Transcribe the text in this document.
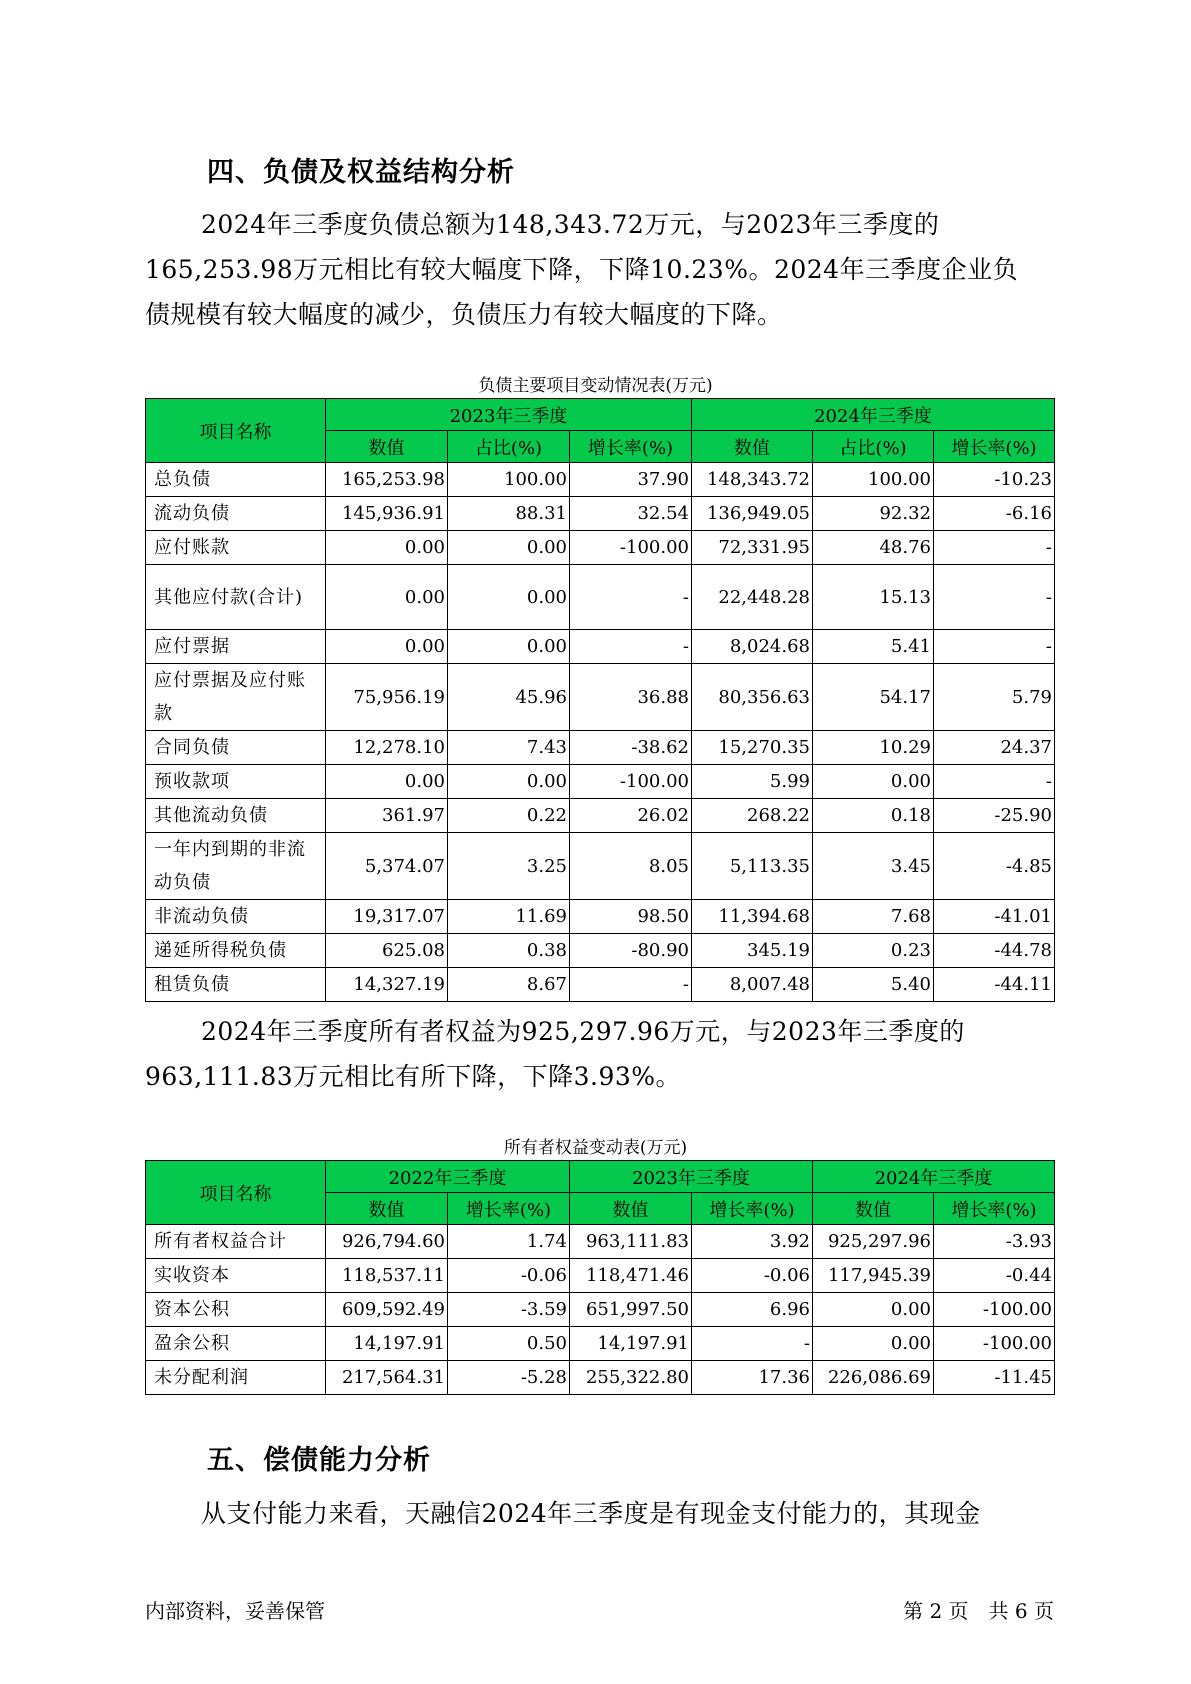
四、负债及权益结构分析

2024年三季度负债总额为148,343.72万元，与2023年三季度的

165,253.98万元相比有较大幅度下降，下降10.23%。2024年三季度企业负

债规模有较大幅度的减少，负债压力有较大幅度的下降。

负债主要项目变动情况表(万元)
项目名称	2023年三季度			2024年三季度		
	数值	占比(%)	增长率(%)	数值	占比(%)	增长率(%)
总负债	165,253.98	100.00	37.90	148,343.72	100.00	-10.23
流动负债	145,936.91	88.31	32.54	136,949.05	92.32	-6.16
应付账款	0.00	0.00	-100.00	72,331.95	48.76	-
其他应付款(合计)	0.00	0.00	-	22,448.28	15.13	-
应付票据	0.00	0.00	-	8,024.68	5.41	-
应付票据及应付账款	75,956.19	45.96	36.88	80,356.63	54.17	5.79
合同负债	12,278.10	7.43	-38.62	15,270.35	10.29	24.37
预收款项	0.00	0.00	-100.00	5.99	0.00	-
其他流动负债	361.97	0.22	26.02	268.22	0.18	-25.90
一年内到期的非流动负债	5,374.07	3.25	8.05	5,113.35	3.45	-4.85
非流动负债	19,317.07	11.69	98.50	11,394.68	7.68	-41.01
递延所得税负债	625.08	0.38	-80.90	345.19	0.23	-44.78
租赁负债	14,327.19	8.67	-	8,007.48	5.40	-44.11

2024年三季度所有者权益为925,297.96万元，与2023年三季度的

963,111.83万元相比有所下降，下降3.93%。

所有者权益变动表(万元)
项目名称	2022年三季度		2023年三季度		2024年三季度	
	数值	增长率(%)	数值	增长率(%)	数值	增长率(%)
所有者权益合计	926,794.60	1.74	963,111.83	3.92	925,297.96	-3.93
实收资本	118,537.11	-0.06	118,471.46	-0.06	117,945.39	-0.44
资本公积	609,592.49	-3.59	651,997.50	6.96	0.00	-100.00
盈余公积	14,197.91	0.50	14,197.91	-	0.00	-100.00
未分配利润	217,564.31	-5.28	255,322.80	17.36	226,086.69	-11.45
五、偿债能力分析
从支付能力来看，天融信2024年三季度是有现金支付能力的，其现金
内部资料，妥善保管	第 2 页　共 6 页
